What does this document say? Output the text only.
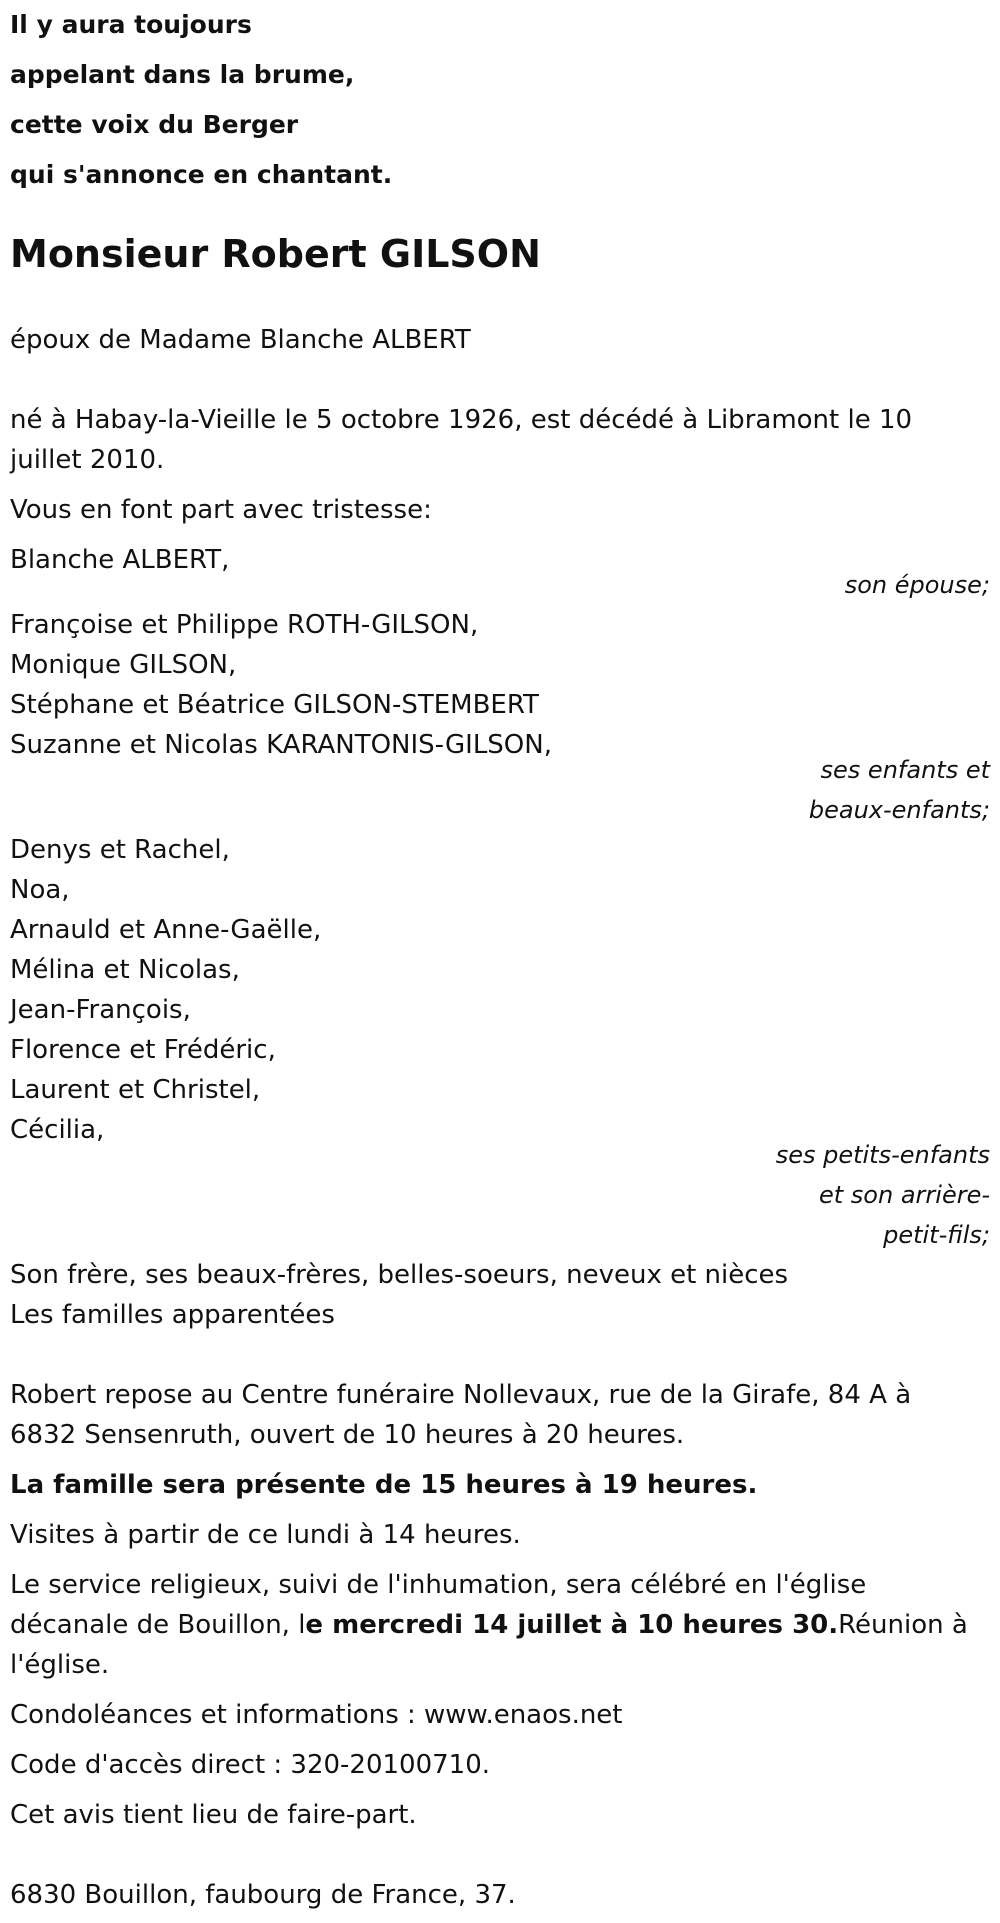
Il y aura toujours
appelant dans la brume,
cette voix du Berger
qui s'annonce en chantant.
Monsieur Robert GILSON
époux de Madame Blanche ALBERT
né à Habay-la-Vieille le 5 octobre 1926, est décédé à Libramont le 10
juillet 2010.
Vous en font part avec tristesse:
Blanche ALBERT,
son épouse;
Françoise et Philippe ROTH-GILSON,
Monique GILSON,
Stéphane et Béatrice GILSON-STEMBERT
Suzanne et Nicolas KARANTONIS-GILSON,
ses enfants et
beaux-enfants;
Denys et Rachel,
Noa,
Arnauld et Anne-Gaëlle,
Mélina et Nicolas,
Jean-François,
Florence et Frédéric,
Laurent et Christel,
Cécilia,
ses petits-enfants
et son arrière-
petit-fils;
Son frère, ses beaux-frères, belles-soeurs, neveux et nièces
Les familles apparentées
Robert repose au Centre funéraire Nollevaux, rue de la Girafe, 84 A à
6832 Sensenruth, ouvert de 10 heures à 20 heures.
La famille sera présente de 15 heures à 19 heures.
Visites à partir de ce lundi à 14 heures.
Le service religieux, suivi de l'inhumation, sera célébré en l'église
décanale de Bouillon, le mercredi 14 juillet à 10 heures 30.Réunion à
l'église.
Condoléances et informations : www.enaos.net
Code d'accès direct : 320-20100710.
Cet avis tient lieu de faire-part.
6830 Bouillon, faubourg de France, 37.
